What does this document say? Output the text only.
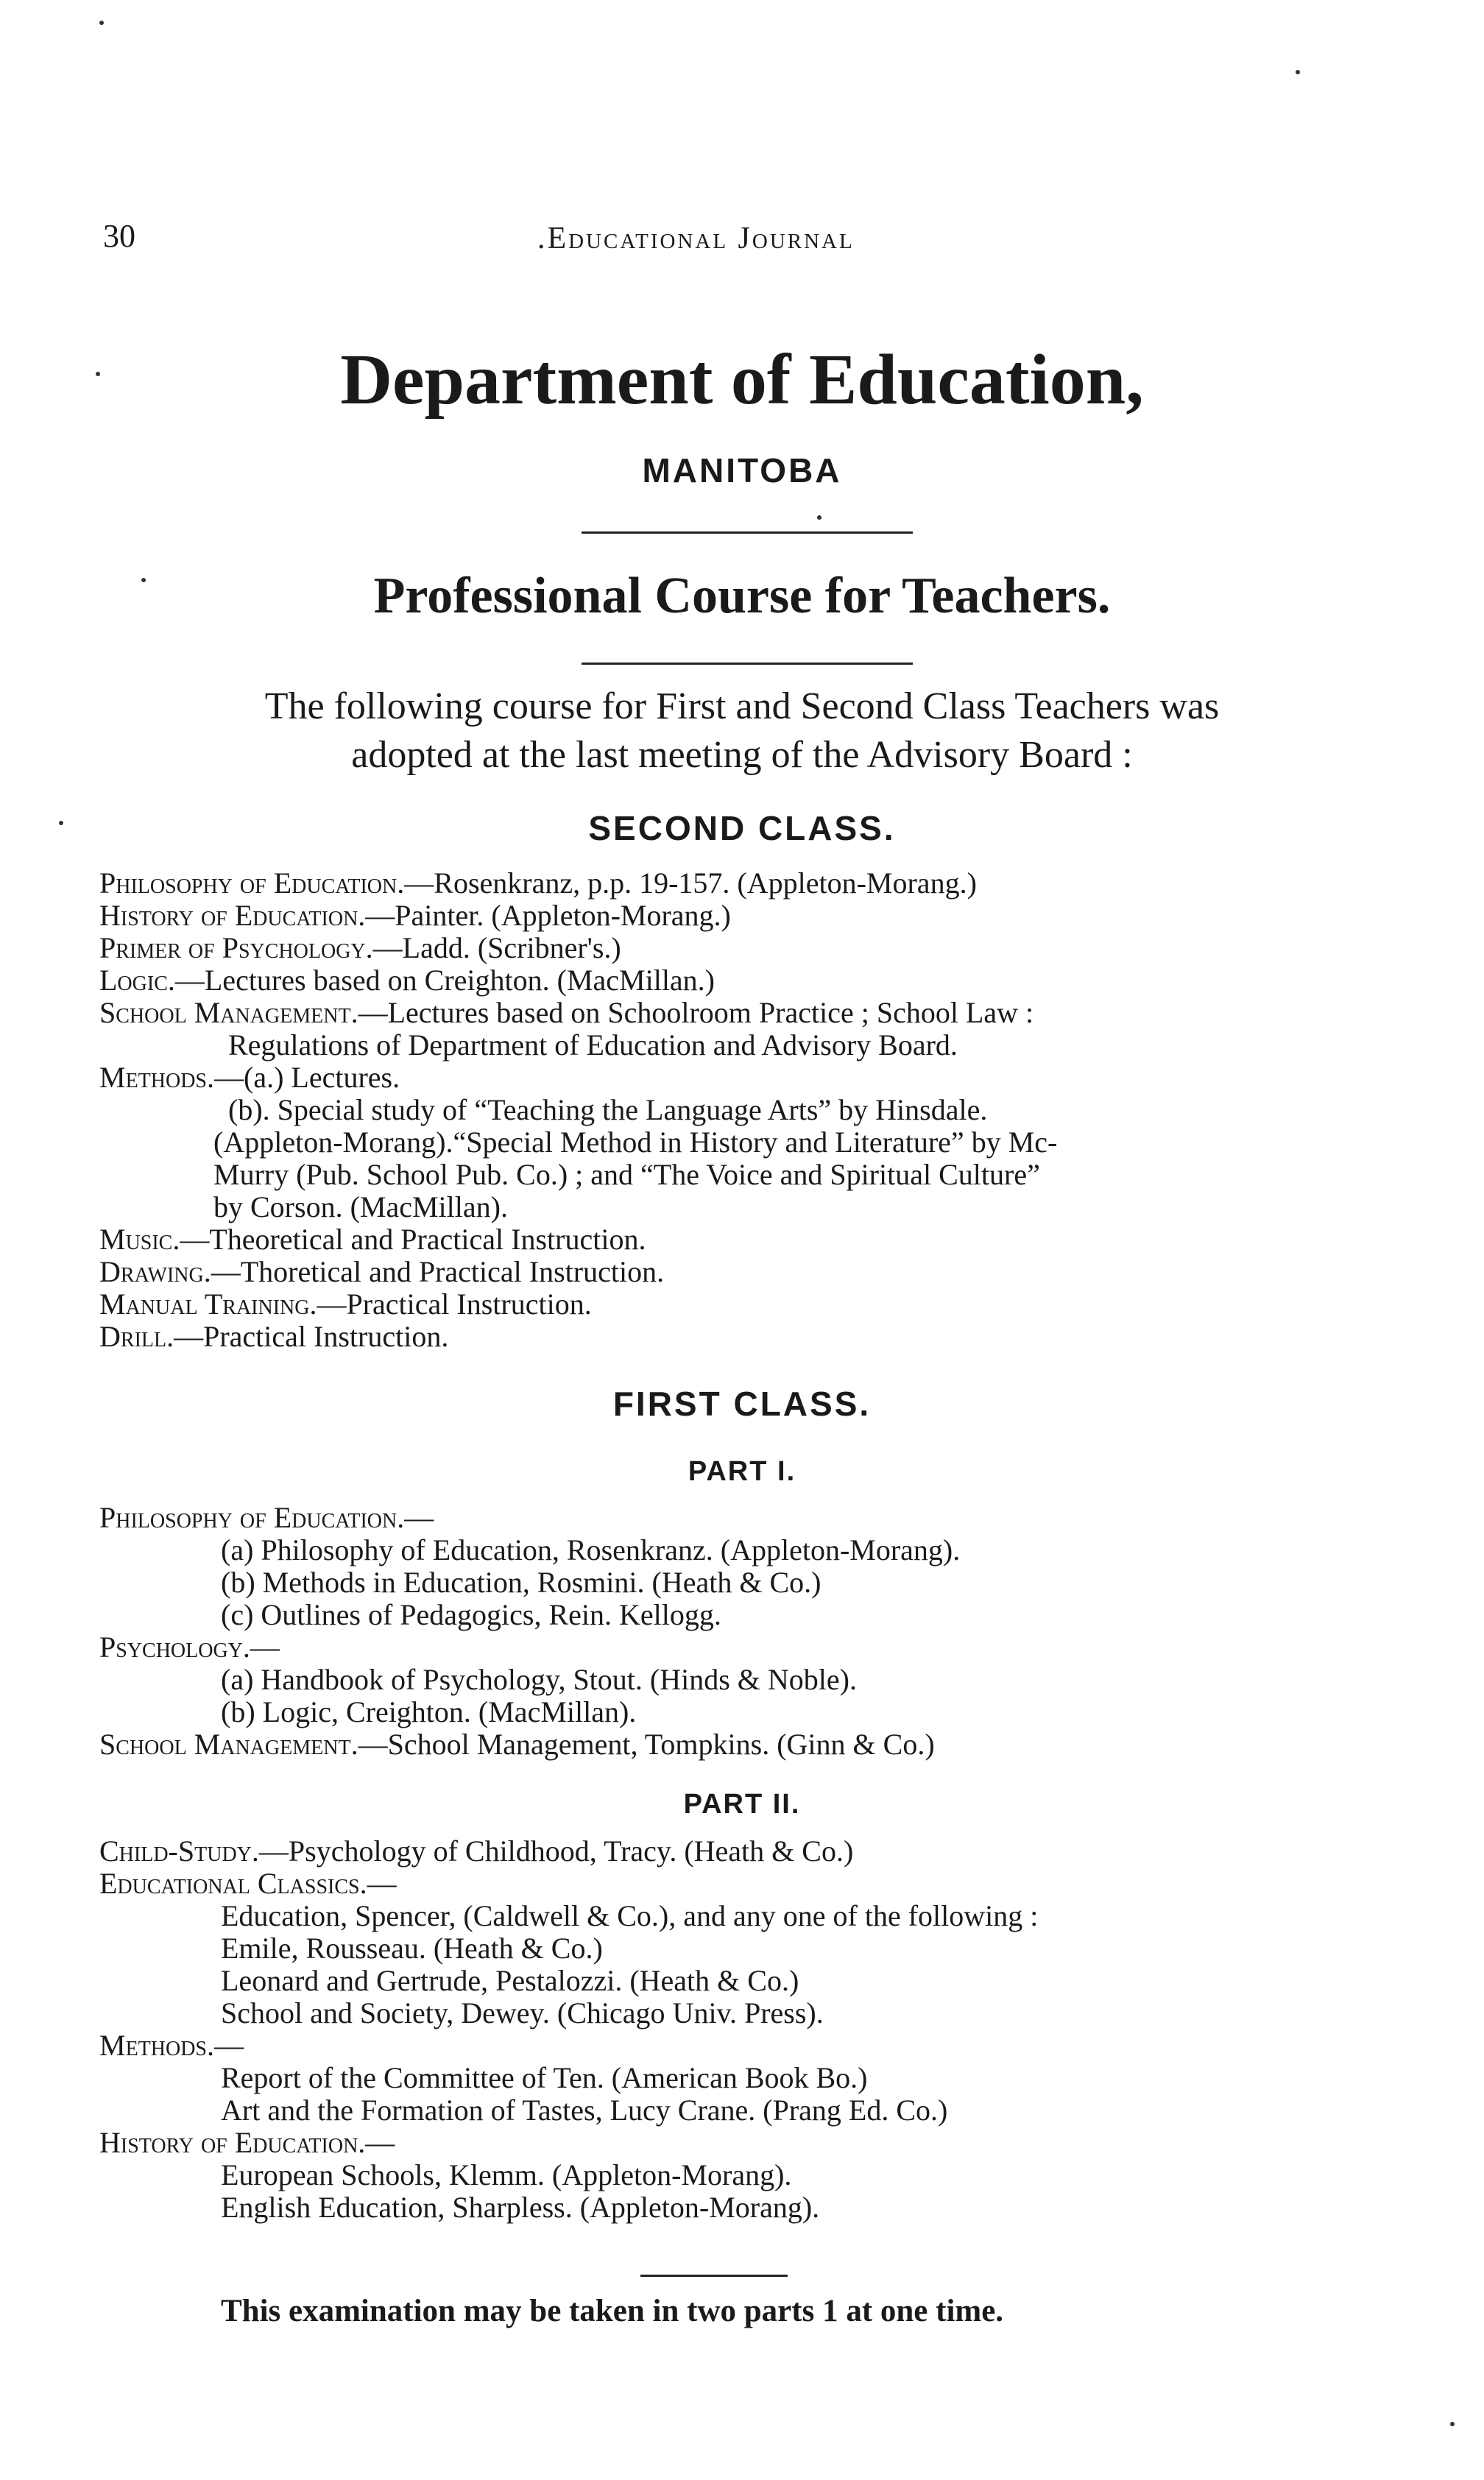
30	.Educational Journal
Department of Education,
MANITOBA
Professional Course for Teachers.
The following course for First and Second Class Teachers was
adopted at the last meeting of the Advisory Board :
SECOND CLASS.
Philosophy of Education.—Rosenkranz, p.p. 19-157. (Appleton-Morang.)
History of Education.—Painter. (Appleton-Morang.)
Primer of Psychology.—Ladd. (Scribner's.)
Logic.—Lectures based on Creighton. (MacMillan.)
School Management.—Lectures based on Schoolroom Practice ; School Law :
Regulations of Department of Education and Advisory Board.
Methods.—(a.) Lectures.
(b). Special study of “Teaching the Language Arts” by Hinsdale.
(Appleton-Morang).“Special Method in History and Literature” by Mc-
Murry (Pub. School Pub. Co.) ; and “The Voice and Spiritual Culture”
by Corson. (MacMillan).
Music.—Theoretical and Practical Instruction.
Drawing.—Thoretical and Practical Instruction.
Manual Training.—Practical Instruction.
Drill.—Practical Instruction.
FIRST CLASS.
PART I.
Philosophy of Education.—
(a) Philosophy of Education, Rosenkranz. (Appleton-Morang).
(b) Methods in Education, Rosmini. (Heath & Co.)
(c) Outlines of Pedagogics, Rein. Kellogg.
Psychology.—
(a) Handbook of Psychology, Stout. (Hinds & Noble).
(b) Logic, Creighton. (MacMillan).
School Management.—School Management, Tompkins. (Ginn & Co.)
PART II.
Child-Study.—Psychology of Childhood, Tracy. (Heath & Co.)
Educational Classics.—
Education, Spencer, (Caldwell & Co.), and any one of the following :
Emile, Rousseau. (Heath & Co.)
Leonard and Gertrude, Pestalozzi. (Heath & Co.)
School and Society, Dewey. (Chicago Univ. Press).
Methods.—
Report of the Committee of Ten. (American Book Bo.)
Art and the Formation of Tastes, Lucy Crane. (Prang Ed. Co.)
History of Education.—
European Schools, Klemm. (Appleton-Morang).
English Education, Sharpless. (Appleton-Morang).
This examination may be taken in two parts 1 at one time.
